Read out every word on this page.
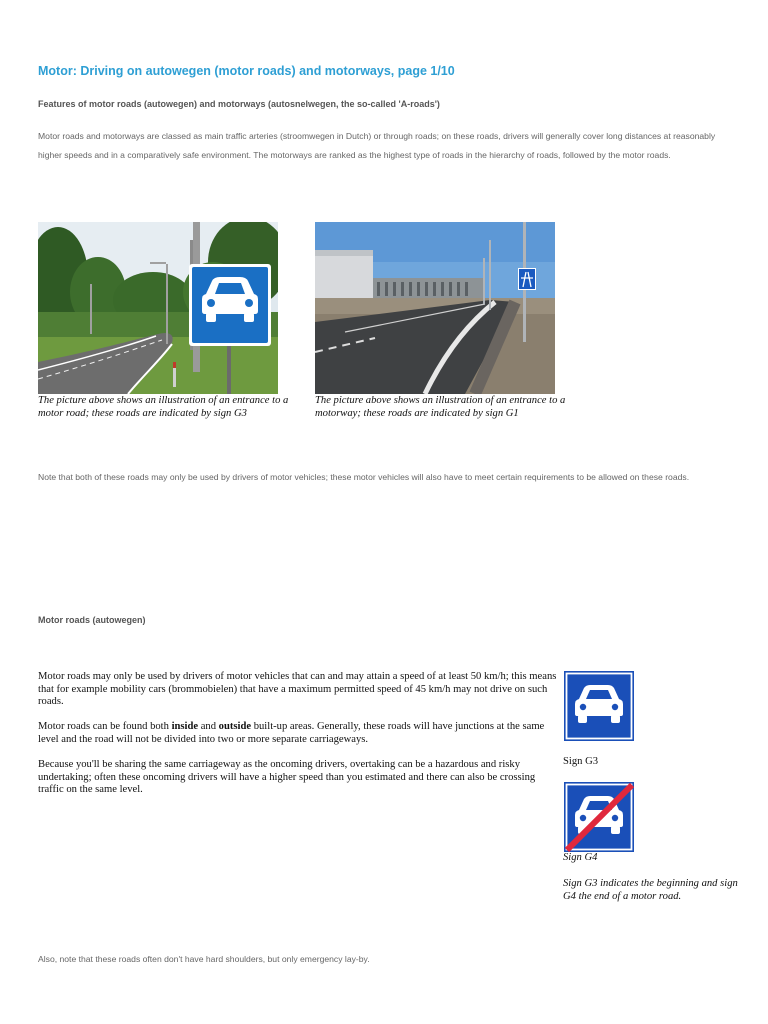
Motor: Driving on autowegen (motor roads) and motorways, page 1/10
Features of motor roads (autowegen) and motorways (autosnelwegen, the so-called 'A-roads')
Motor roads and motorways are classed as main traffic arteries (stroomwegen in Dutch) or through roads; on these roads, drivers will generally cover long distances at reasonably higher speeds and in a comparatively safe environment. The motorways are ranked as the highest type of roads in the hierarchy of roads, followed by the motor roads.
The picture above shows an illustration of an entrance to a motor road; these roads are indicated by sign G3
The picture above shows an illustration of an entrance to a motorway; these roads are indicated by sign G1
Note that both of these roads may only be used by drivers of motor vehicles; these motor vehicles will also have to meet certain requirements to be allowed on these roads.
Motor roads (autowegen)
Motor roads may only be used by drivers of motor vehicles that can and may attain a speed of at least 50 km/h; this means that for example mobility cars (brommobielen) that have a maximum permitted speed of 45 km/h may not drive on such roads.
Motor roads can be found both inside and outside built-up areas. Generally, these roads will have junctions at the same level and the road will not be divided into two or more separate carriageways.
Because you'll be sharing the same carriageway as the oncoming drivers, overtaking can be a hazardous and risky undertaking; often these oncoming drivers will have a higher speed than you estimated and there can also be crossing traffic on the same level.
Sign G3
Sign G4
Sign G3 indicates the beginning and sign G4 the end of a motor road.
Also, note that these roads often don't have hard shoulders, but only emergency lay-by.
